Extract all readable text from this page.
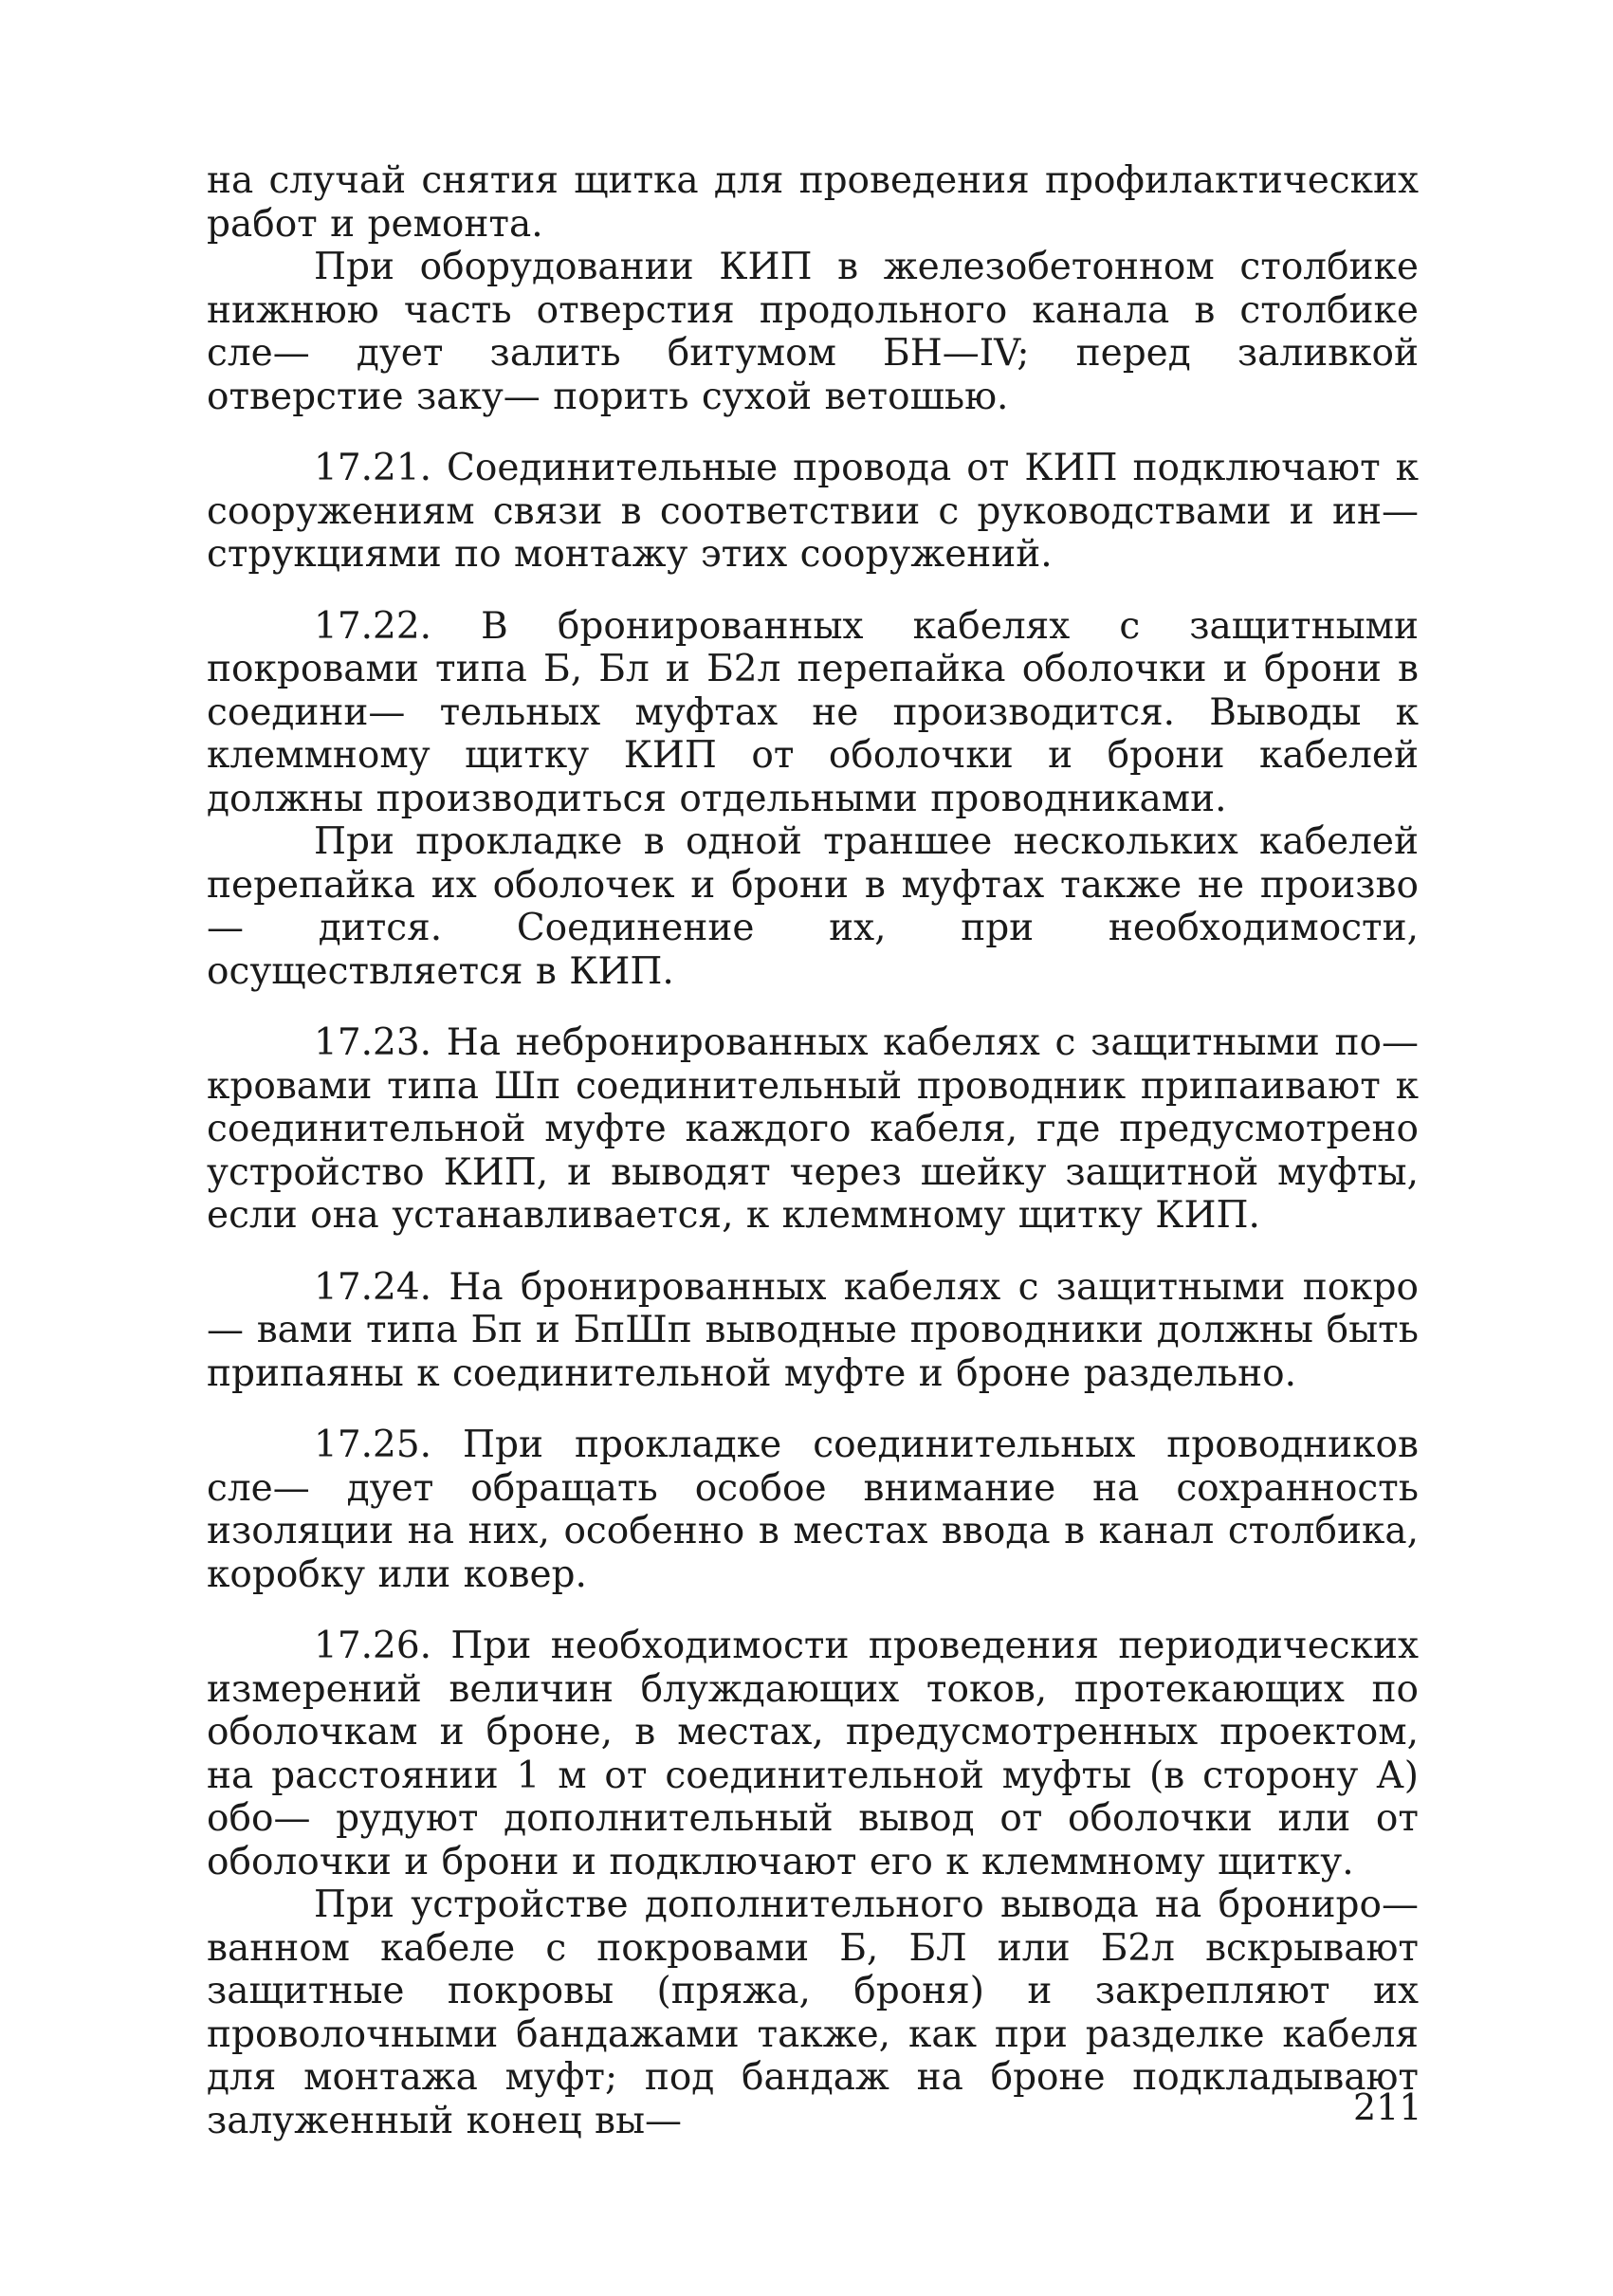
на случай снятия щитка для проведения профилактических работ и ремонта.

При оборудовании КИП в железобетонном столбике нижнюю часть отверстия продольного канала в столбике сле— дует залить битумом БН—IV; перед заливкой отверстие заку— порить сухой ветошью.

17.21. Соединительные провода от КИП подключают к сооружениям связи в соответствии с руководствами и ин— струкциями по монтажу этих сооружений.

17.22. В бронированных кабелях с защитными покровами типа Б, Бл и Б2л перепайка оболочки и брони в соедини— тельных муфтах не производится. Выводы к клеммному щитку КИП от оболочки и брони кабелей должны производиться отдельными проводниками.

При прокладке в одной траншее нескольких кабелей перепайка их оболочек и брони в муфтах также не произво— дится. Соединение их, при необходимости, осуществляется в КИП.

17.23. На небронированных кабелях с защитными по— кровами типа Шп соединительный проводник припаивают к соединительной муфте каждого кабеля, где предусмотрено устройство КИП, и выводят через шейку защитной муфты, если она устанавливается, к клеммному щитку КИП.

17.24. На бронированных кабелях с защитными покро— вами типа Бп и БпШп выводные проводники должны быть припаяны к соединительной муфте и броне раздельно.

17.25. При прокладке соединительных проводников сле— дует обращать особое внимание на сохранность изоляции на них, особенно в местах ввода в канал столбика, коробку или ковер.

17.26. При необходимости проведения периодических измерений величин блуждающих токов, протекающих по оболочкам и броне, в местах, предусмотренных проектом, на расстоянии 1 м от соединительной муфты (в сторону А) обо— рудуют дополнительный вывод от оболочки или от оболочки и брони и подключают его к клеммному щитку.

При устройстве дополнительного вывода на брониро— ванном кабеле с покровами Б, БЛ или Б2л вскрывают защитные покровы (пряжа, броня) и закрепляют их проволочными бандажами также, как при разделке кабеля для монтажа муфт; под бандаж на броне подкладывают залуженный конец вы—	211
